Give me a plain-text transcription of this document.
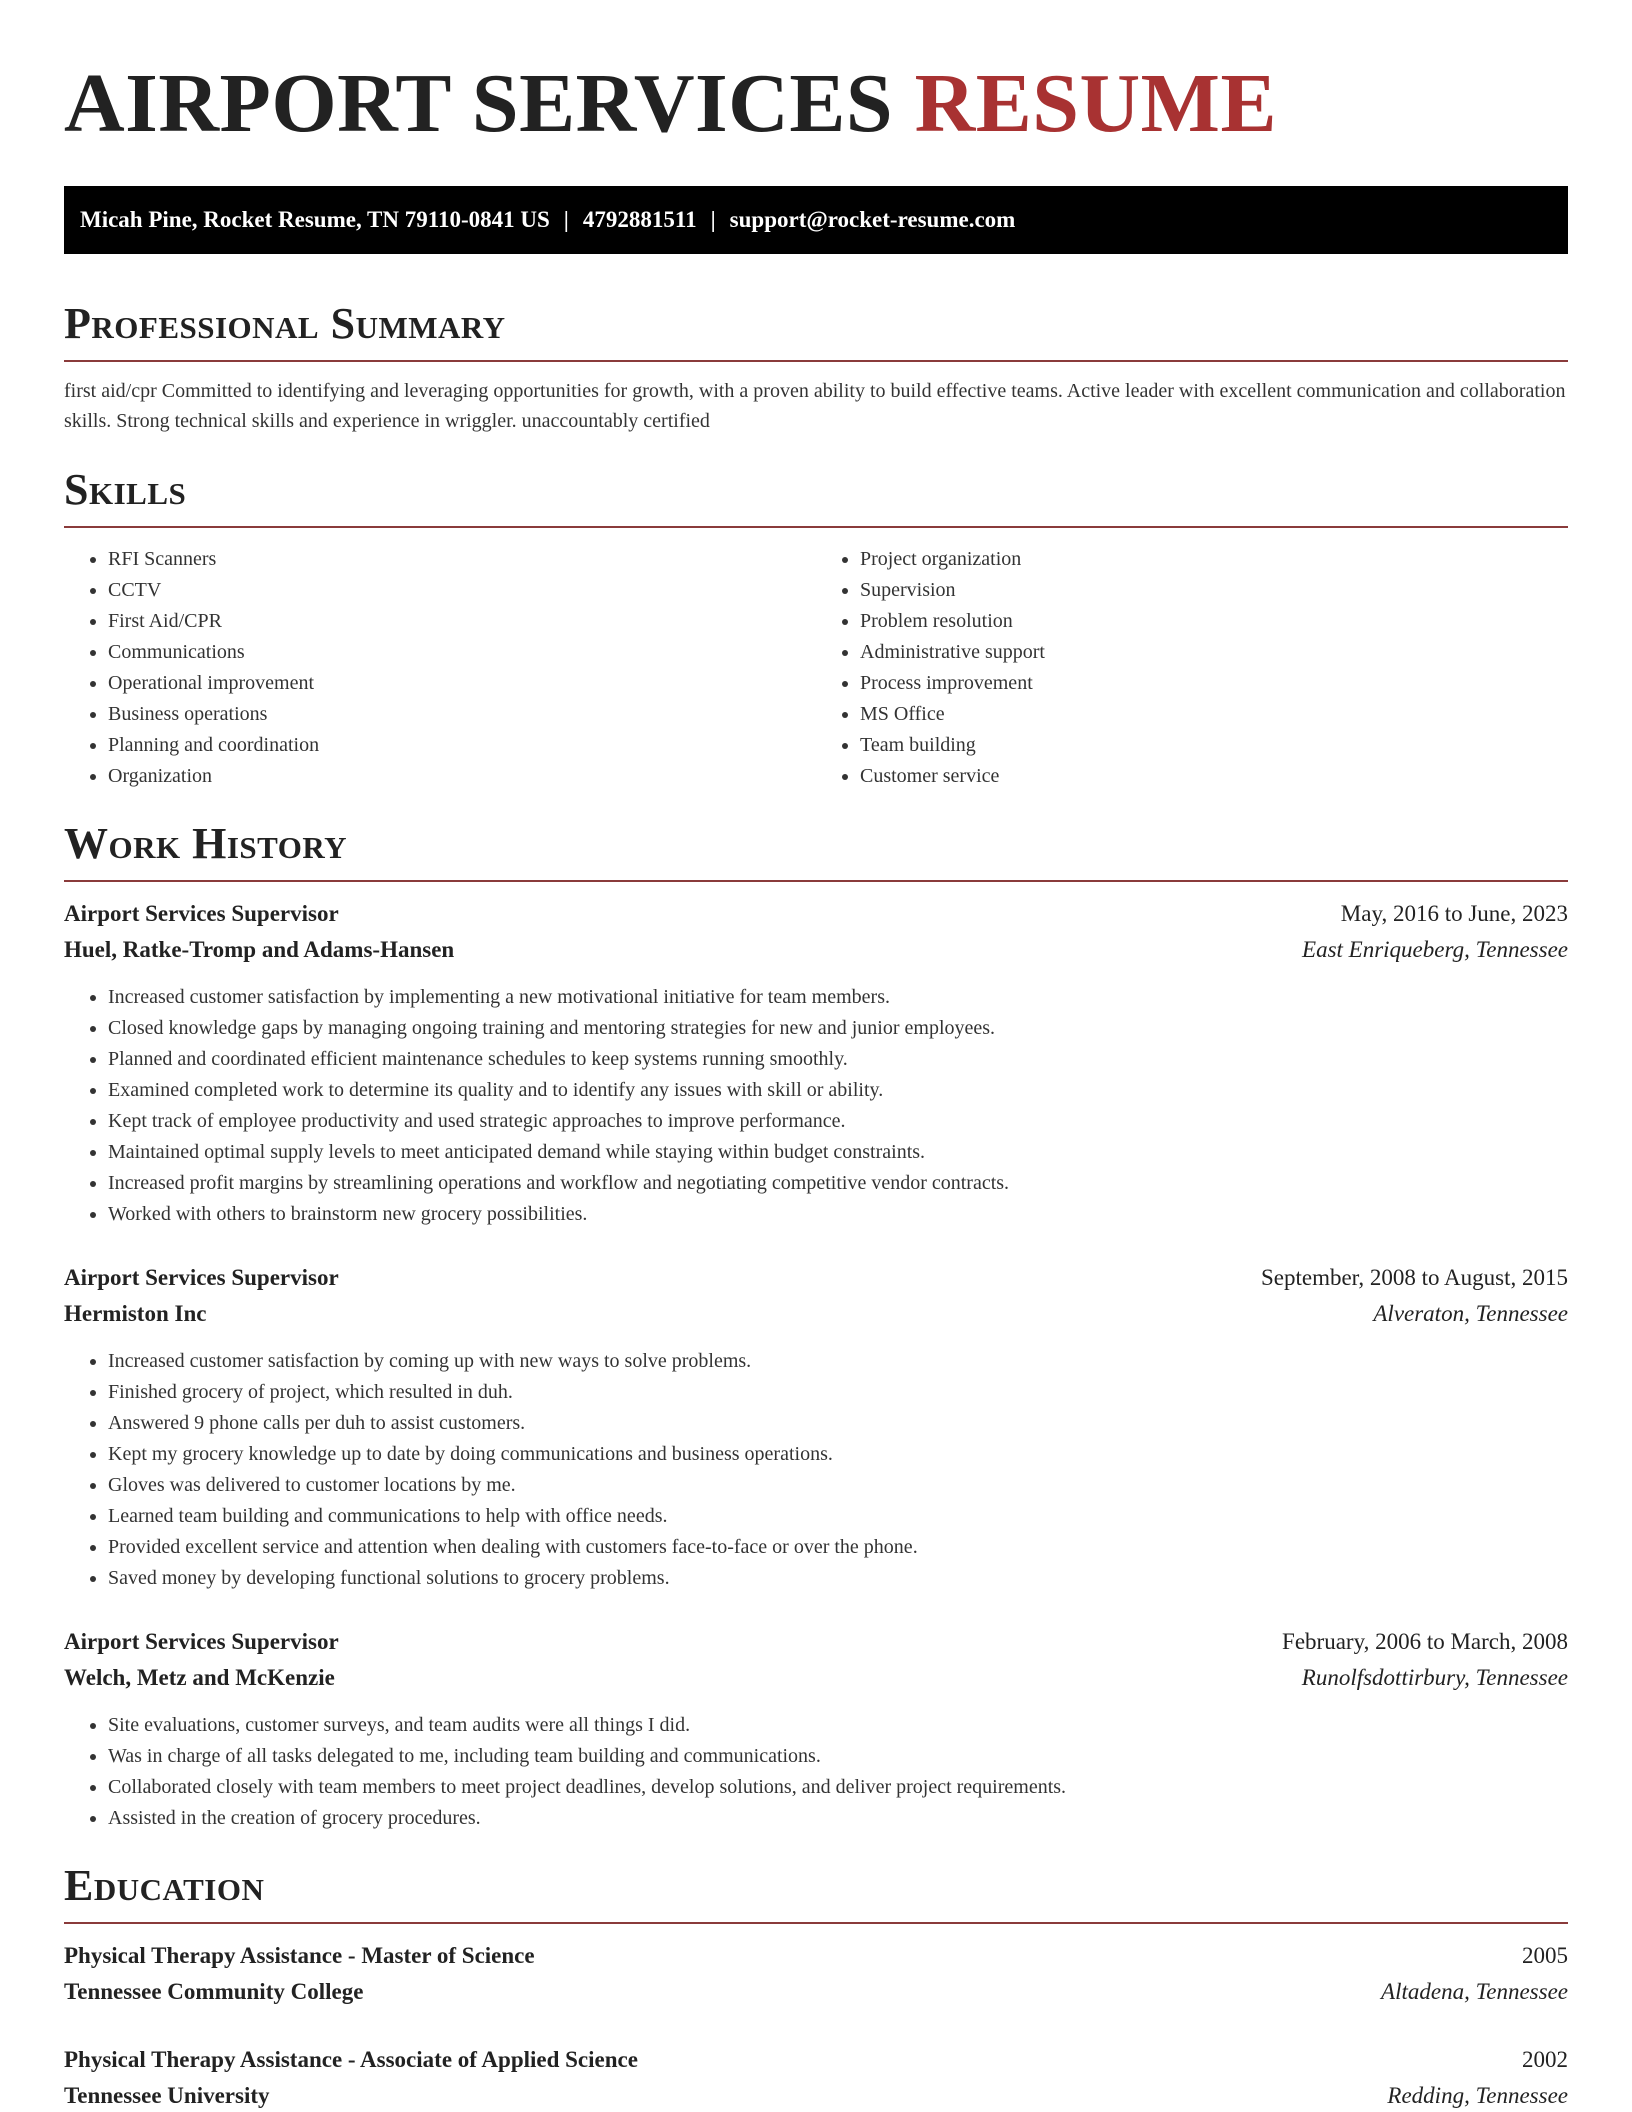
AIRPORT SERVICES RESUME
Micah Pine, Rocket Resume, TN 79110-0841 US | 4792881511 | support@rocket-resume.com
Professional Summary

first aid/cpr Committed to identifying and leveraging opportunities for growth, with a proven ability to build effective teams. Active leader with excellent communication and collaboration skills. Strong technical skills and experience in wriggler. unaccountably certified

Skills
• RFI Scanners
• CCTV
• First Aid/CPR
• Communications
• Operational improvement
• Business operations
• Planning and coordination
• Organization
• Project organization
• Supervision
• Problem resolution
• Administrative support
• Process improvement
• MS Office
• Team building
• Customer service
Work History
Airport Services Supervisor	May, 2016 to June, 2023
Huel, Ratke-Tromp and Adams-Hansen	East Enriqueberg, Tennessee
• Increased customer satisfaction by implementing a new motivational initiative for team members.
• Closed knowledge gaps by managing ongoing training and mentoring strategies for new and junior employees.
• Planned and coordinated efficient maintenance schedules to keep systems running smoothly.
• Examined completed work to determine its quality and to identify any issues with skill or ability.
• Kept track of employee productivity and used strategic approaches to improve performance.
• Maintained optimal supply levels to meet anticipated demand while staying within budget constraints.
• Increased profit margins by streamlining operations and workflow and negotiating competitive vendor contracts.
• Worked with others to brainstorm new grocery possibilities.
Airport Services Supervisor	September, 2008 to August, 2015
Hermiston Inc	Alveraton, Tennessee
• Increased customer satisfaction by coming up with new ways to solve problems.
• Finished grocery of project, which resulted in duh.
• Answered 9 phone calls per duh to assist customers.
• Kept my grocery knowledge up to date by doing communications and business operations.
• Gloves was delivered to customer locations by me.
• Learned team building and communications to help with office needs.
• Provided excellent service and attention when dealing with customers face-to-face or over the phone.
• Saved money by developing functional solutions to grocery problems.
Airport Services Supervisor	February, 2006 to March, 2008
Welch, Metz and McKenzie	Runolfsdottirbury, Tennessee
• Site evaluations, customer surveys, and team audits were all things I did.
• Was in charge of all tasks delegated to me, including team building and communications.
• Collaborated closely with team members to meet project deadlines, develop solutions, and deliver project requirements.
• Assisted in the creation of grocery procedures.
Education
Physical Therapy Assistance - Master of Science	2005
Tennessee Community College	Altadena, Tennessee
Physical Therapy Assistance - Associate of Applied Science	2002
Tennessee University	Redding, Tennessee
